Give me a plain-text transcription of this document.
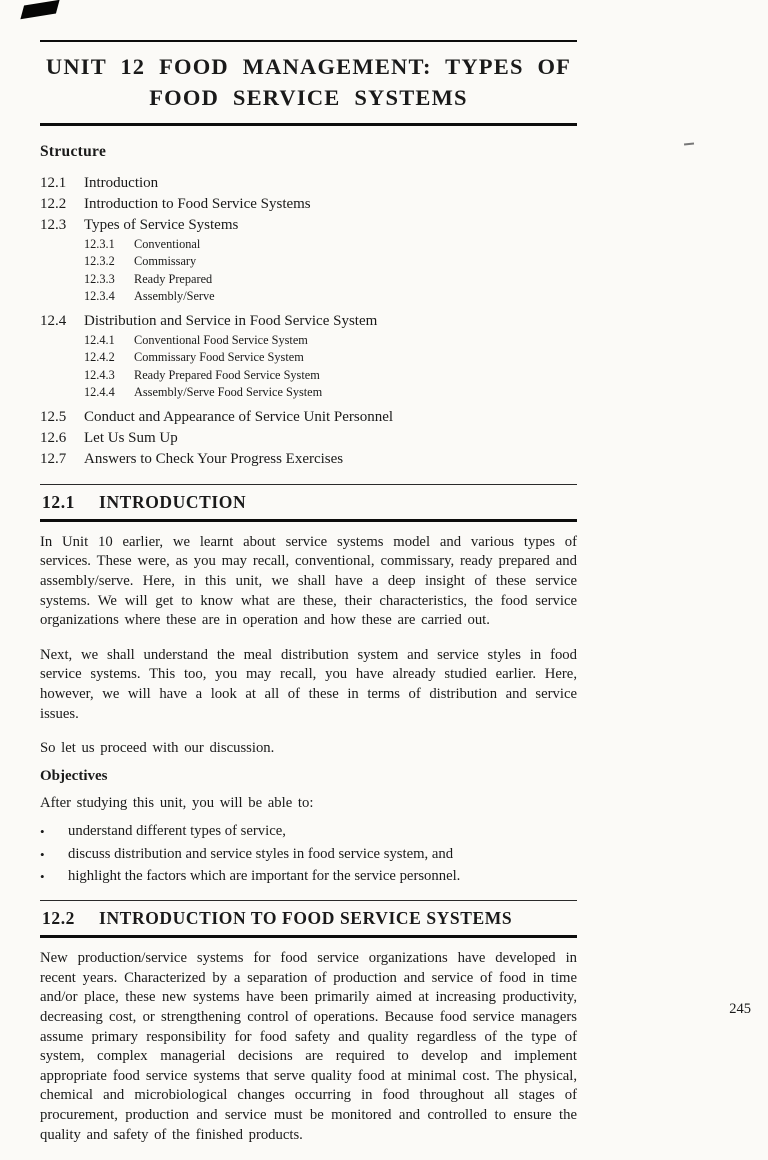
UNIT 12 FOOD MANAGEMENT: TYPES OF
FOOD SERVICE SYSTEMS
Structure
12.1	Introduction
12.2	Introduction to Food Service Systems
12.3	Types of Service Systems
12.3.1	Conventional
12.3.2	Commissary
12.3.3	Ready Prepared
12.3.4	Assembly/Serve
12.4	Distribution and Service in Food Service System
12.4.1	Conventional Food Service System
12.4.2	Commissary Food Service System
12.4.3	Ready Prepared Food Service System
12.4.4	Assembly/Serve Food Service System
12.5	Conduct and Appearance of Service Unit Personnel
12.6	Let Us Sum Up
12.7	Answers to Check Your Progress Exercises
12.1 INTRODUCTION

In Unit 10 earlier, we learnt about service systems model and various types of services. These were, as you may recall, conventional, commissary, ready prepared and assembly/serve. Here, in this unit, we shall have a deep insight of these service systems. We will get to know what are these, their characteristics, the food service organizations where these are in operation and how these are carried out.

Next, we shall understand the meal distribution system and service styles in food service systems. This too, you may recall, you have already studied earlier. Here, however, we will have a look at all of these in terms of distribution and service issues.

So let us proceed with our discussion.

Objectives

After studying this unit, you will be able to:

•	understand different types of service,
•	discuss distribution and service styles in food service system, and
•	highlight the factors which are important for the service personnel.
12.2 INTRODUCTION TO FOOD SERVICE SYSTEMS

New production/service systems for food service organizations have developed in recent years. Characterized by a separation of production and service of food in time and/or place, these new systems have been primarily aimed at increasing productivity, decreasing cost, or strengthening control of operations. Because food service managers assume primary responsibility for food safety and quality regardless of the type of system, complex managerial decisions are required to develop and implement appropriate food service systems that serve quality food at minimal cost. The physical, chemical and microbiological changes occurring in food throughout all stages of procurement, production and service must be monitored and controlled to ensure the quality and safety of the finished products.

245
